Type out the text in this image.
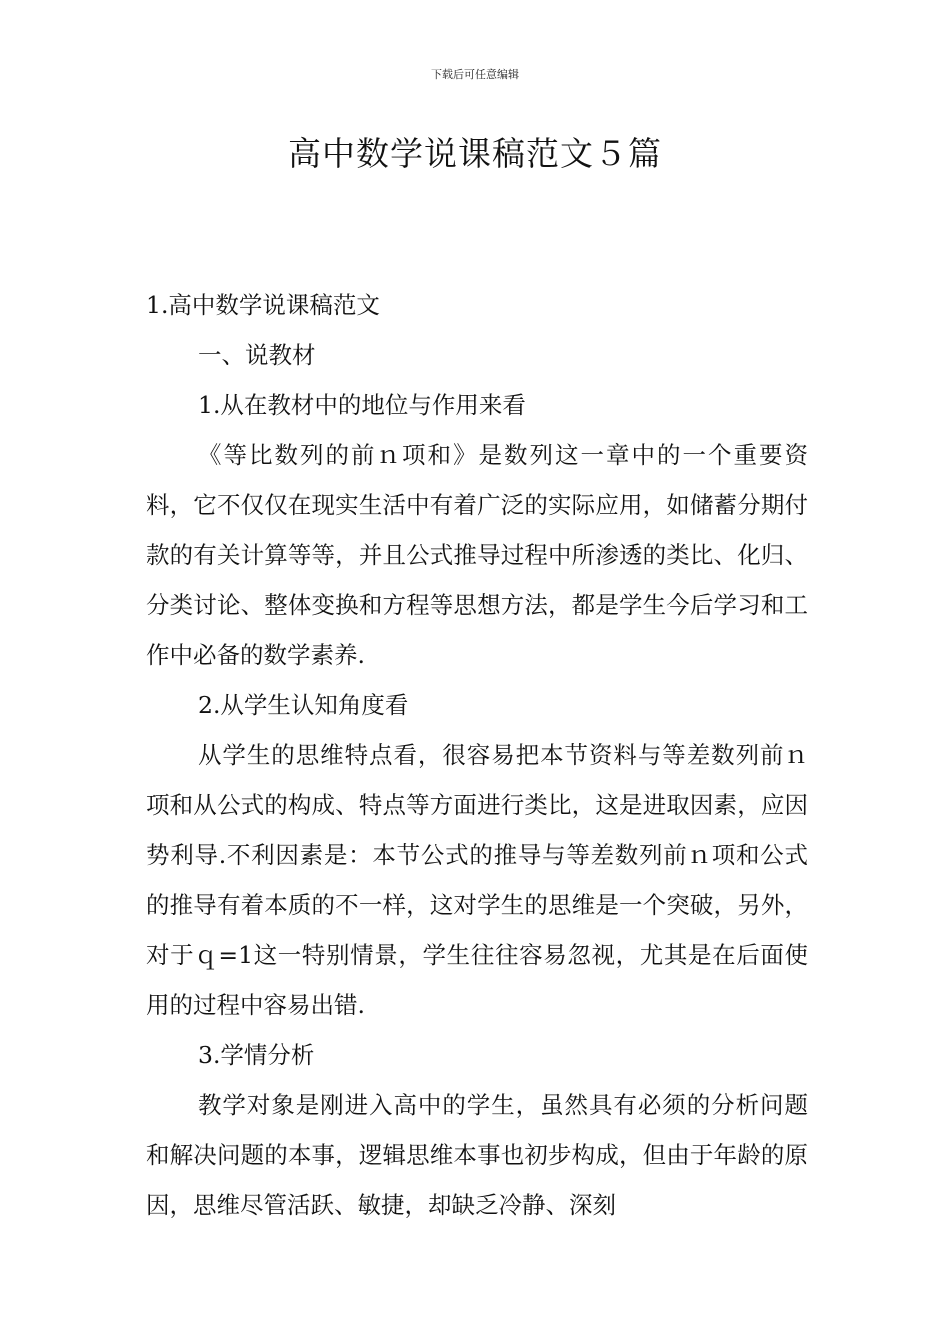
下载后可任意编辑
高中数学说课稿范文５篇

1.高中数学说课稿范文

一、说教材

1.从在教材中的地位与作用来看

《等比数列的前ｎ项和》是数列这一章中的一个重要资料，它不仅仅在现实生活中有着广泛的实际应用，如储蓄分期付款的有关计算等等，并且公式推导过程中所渗透的类比、化归、分类讨论、整体变换和方程等思想方法，都是学生今后学习和工作中必备的数学素养.

2.从学生认知角度看

从学生的思维特点看，很容易把本节资料与等差数列前ｎ项和从公式的构成、特点等方面进行类比，这是进取因素，应因势利导.不利因素是：本节公式的推导与等差数列前ｎ项和公式的推导有着本质的不一样，这对学生的思维是一个突破，另外，对于ｑ=1这一特别情景，学生往往容易忽视，尤其是在后面使用的过程中容易出错.

3.学情分析

教学对象是刚进入高中的学生，虽然具有必须的分析问题和解决问题的本事，逻辑思维本事也初步构成，但由于年龄的原因，思维尽管活跃、敏捷，却缺乏冷静、深刻
